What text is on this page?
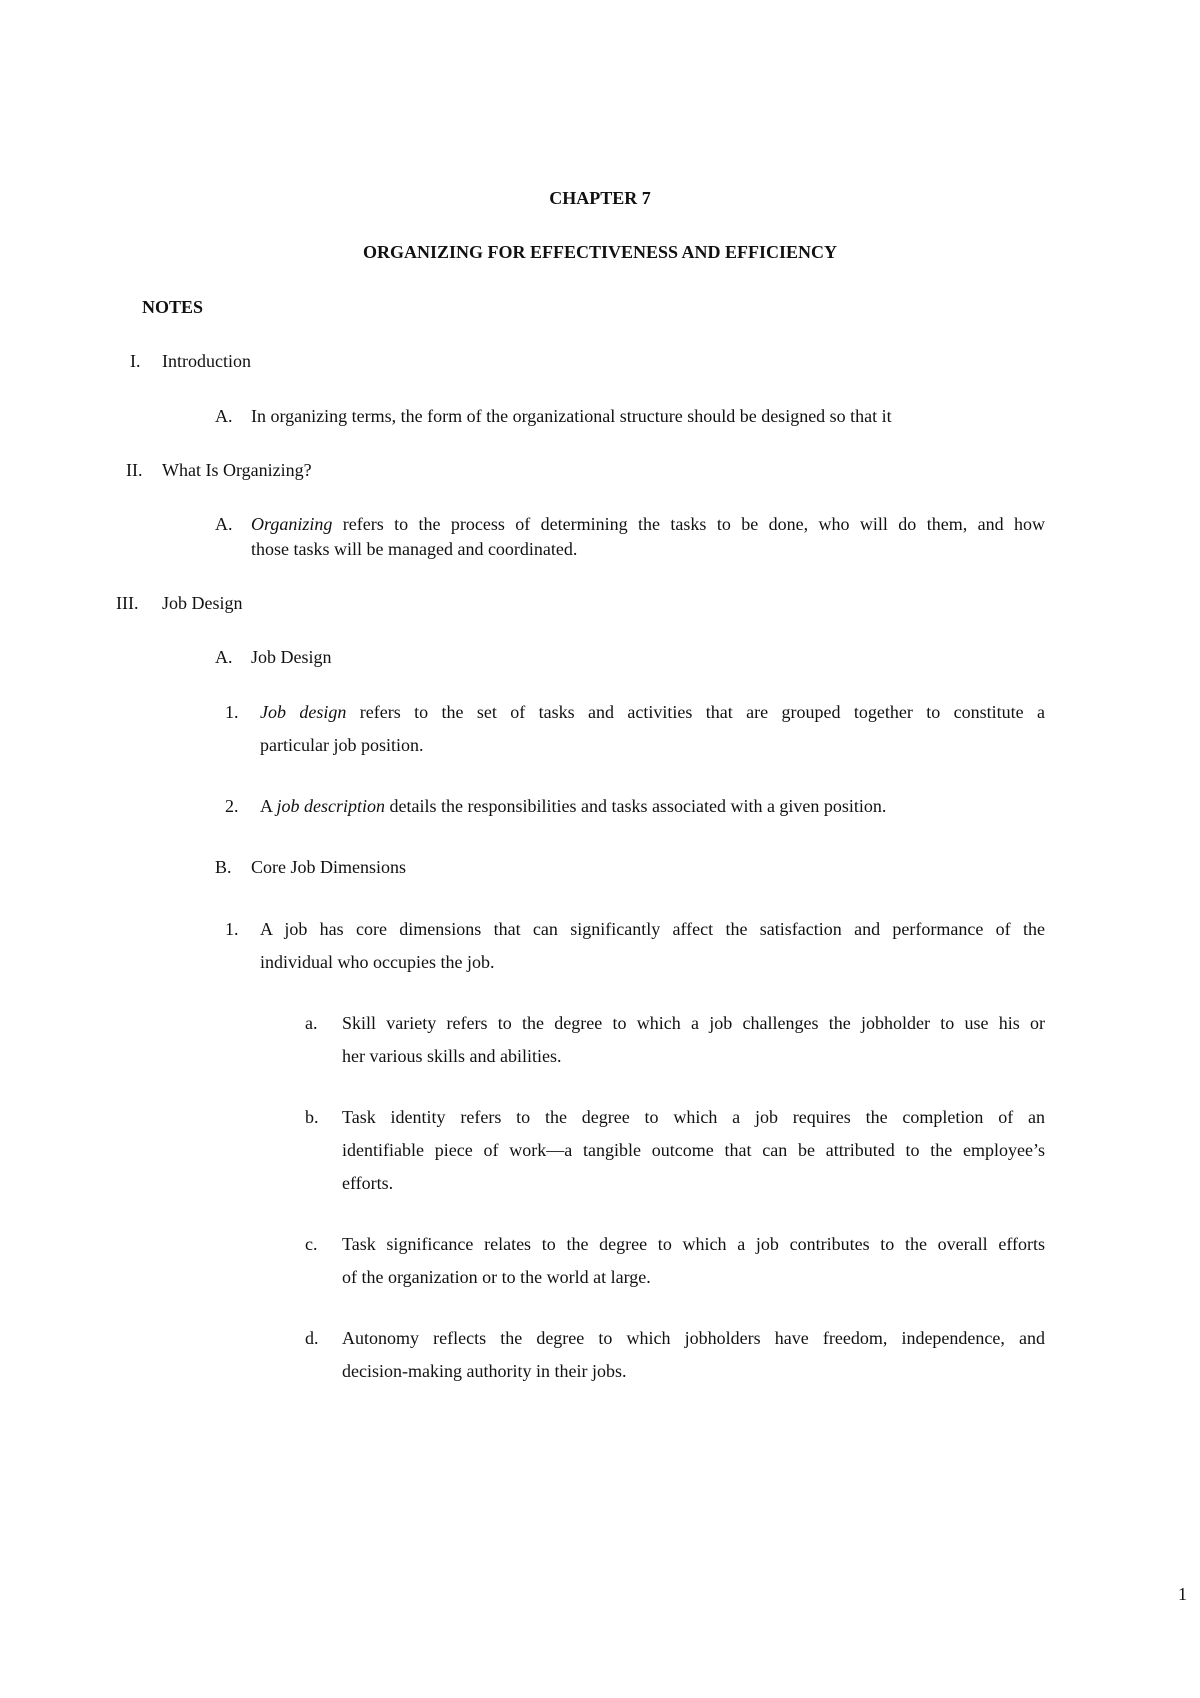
CHAPTER 7
ORGANIZING FOR EFFECTIVENESS AND EFFICIENCY
NOTES
I. Introduction
A. In organizing terms, the form of the organizational structure should be designed so that it
II. What Is Organizing?
A. Organizing refers to the process of determining the tasks to be done, who will do them, and how
those tasks will be managed and coordinated.
III. Job Design
A. Job Design
1. Job design refers to the set of tasks and activities that are grouped together to constitute a
particular job position.
2. A job description details the responsibilities and tasks associated with a given position.
B. Core Job Dimensions
1. A job has core dimensions that can significantly affect the satisfaction and performance of the
individual who occupies the job.
a. Skill variety refers to the degree to which a job challenges the jobholder to use his or
her various skills and abilities.
b. Task identity refers to the degree to which a job requires the completion of an
identifiable piece of work—a tangible outcome that can be attributed to the employee’s
efforts.
c. Task significance relates to the degree to which a job contributes to the overall efforts
of the organization or to the world at large.
d. Autonomy reflects the degree to which jobholders have freedom, independence, and
decision-making authority in their jobs.
1
